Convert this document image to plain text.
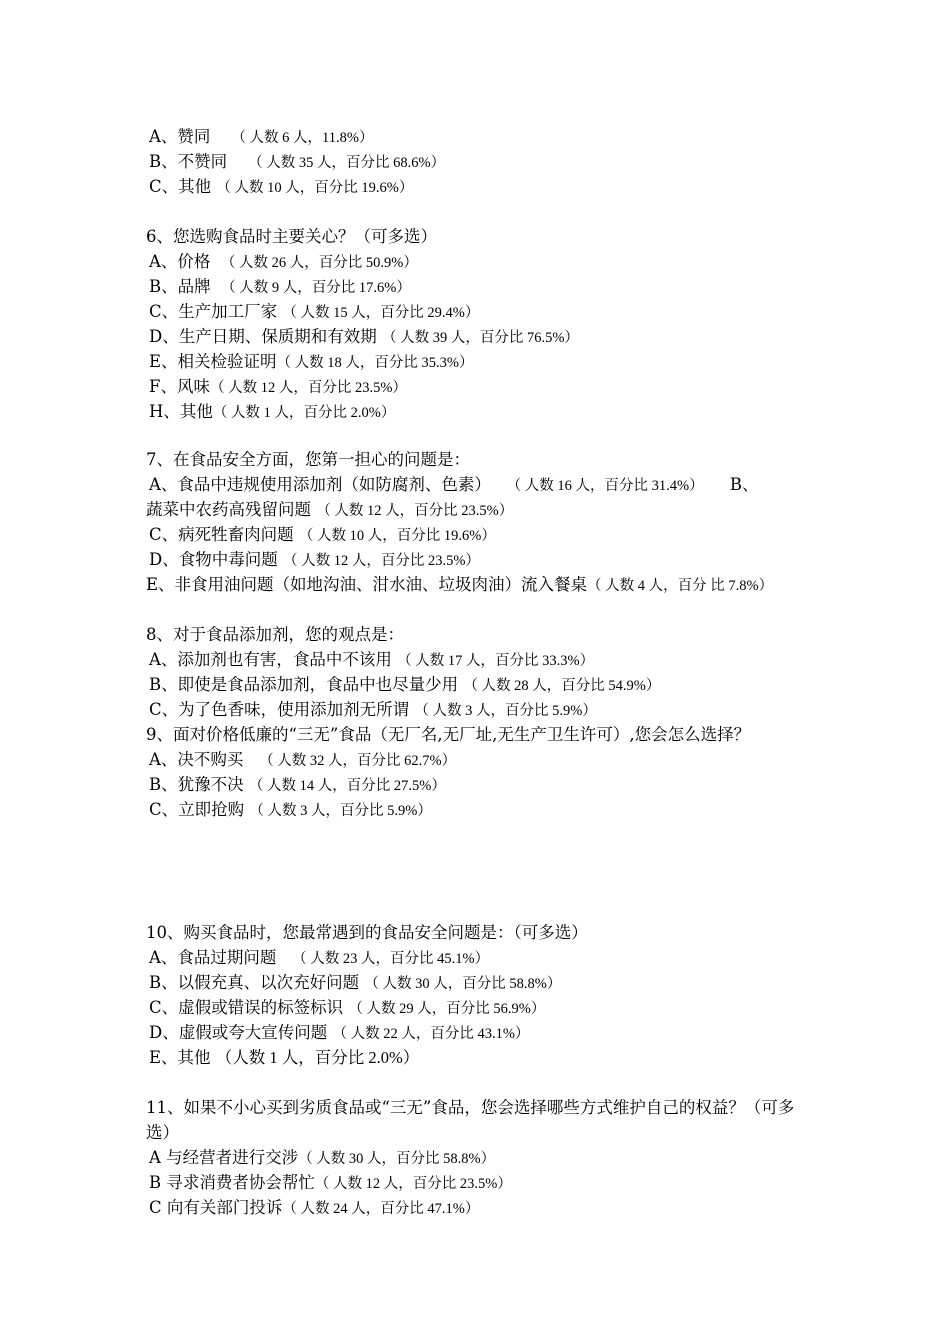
A、赞同 （ 人数 6 人，11.8%）
B、不赞同 （ 人数 35 人，百分比 68.6%）
C、其他 （ 人数 10 人，百分比 19.6%）
6、您选购食品时主要关心？（可多选）
A、价格 （ 人数 26 人，百分比 50.9%）
B、品牌 （ 人数 9 人，百分比 17.6%）
C、生产加工厂家 （ 人数 15 人，百分比 29.4%）
D、生产日期、保质期和有效期 （ 人数 39 人，百分比 76.5%）
E、相关检验证明（ 人数 18 人，百分比 35.3%）
F、风味（ 人数 12 人，百分比 23.5%）
H、其他（ 人数 1 人，百分比 2.0%）
7、在食品安全方面，您第一担心的问题是：
A、食品中违规使用添加剂（如防腐剂、色素） （ 人数 16 人，百分比 31.4%）     B、
蔬菜中农药高残留问题 （ 人数 12 人，百分比 23.5%）
C、病死牲畜肉问题 （ 人数 10 人，百分比 19.6%）
D、食物中毒问题 （ 人数 12 人，百分比 23.5%）
E、非食用油问题（如地沟油、泔水油、垃圾肉油）流入餐桌（ 人数 4 人，百分 比 7.8%）
8、对于食品添加剂，您的观点是：
A、添加剂也有害，食品中不该用 （ 人数 17 人，百分比 33.3%）
B、即使是食品添加剂，食品中也尽量少用 （ 人数 28 人，百分比 54.9%）
C、为了色香味，使用添加剂无所谓 （ 人数 3 人，百分比 5.9%）
9、面对价格低廉的“三无”食品（无厂名,无厂址,无生产卫生许可）,您会怎么选择？
A、决不购买 （ 人数 32 人，百分比 62.7%）
B、犹豫不决 （ 人数 14 人，百分比 27.5%）
C、立即抢购 （ 人数 3 人，百分比 5.9%）
10、购买食品时，您最常遇到的食品安全问题是：（可多选）
A、食品过期问题 （ 人数 23 人，百分比 45.1%）
B、以假充真、以次充好问题 （ 人数 30 人，百分比 58.8%）
C、虚假或错误的标签标识 （ 人数 29 人，百分比 56.9%）
D、虚假或夸大宣传问题 （ 人数 22 人，百分比 43.1%）
E、其他 （人数 1 人，百分比 2.0%）
11、如果不小心买到劣质食品或“三无”食品，您会选择哪些方式维护自己的权益？（可多选）
A 与经营者进行交涉（ 人数 30 人，百分比 58.8%）
B 寻求消费者协会帮忙（ 人数 12 人，百分比 23.5%）
C 向有关部门投诉（ 人数 24 人，百分比 47.1%）
